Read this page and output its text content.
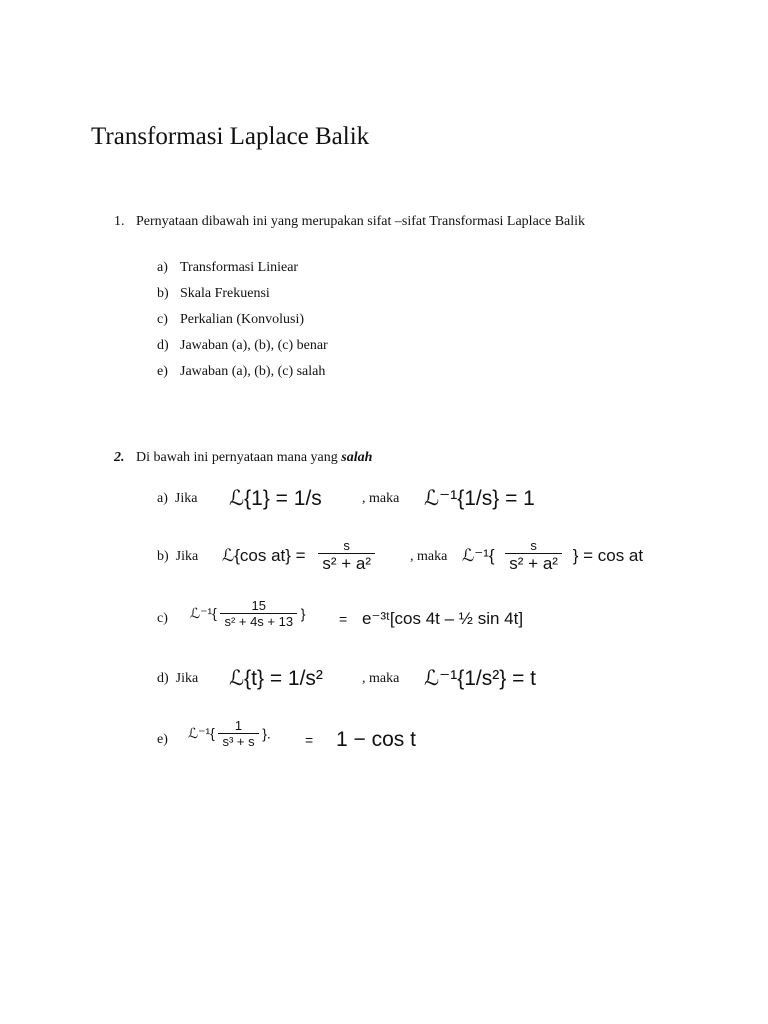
Transformasi Laplace Balik
1. Pernyataan dibawah ini yang merupakan sifat –sifat Transformasi Laplace Balik
a) Transformasi Liniear
b) Skala Frekuensi
c) Perkalian (Konvolusi)
d) Jawaban (a), (b), (c) benar
e) Jawaban (a), (b), (c) salah
2. Di bawah ini pernyataan mana yang salah
a) Jika ℒ{1} = 1/s	, maka ℒ⁻¹{1/s} = 1
b) Jika ℒ{cos $at\} = \frac{s}{\text{s² + a²}}$	, maka ℒ⁻¹{ $\frac{s}{\text{s² + a²}}$ } = cos at
c) ℒ⁻¹{ $\frac{15}{\text{s² + 4s + 13}}$ } = e⁻³ᵗ[cos 4t – ½ sin 4t]
d) Jika ℒ{t} = 1/s²	, maka ℒ⁻¹{1/s²} = t
e) ℒ⁻¹{ $\frac{1}{\text{s³ + s}}$ }. = 1 − cos t
